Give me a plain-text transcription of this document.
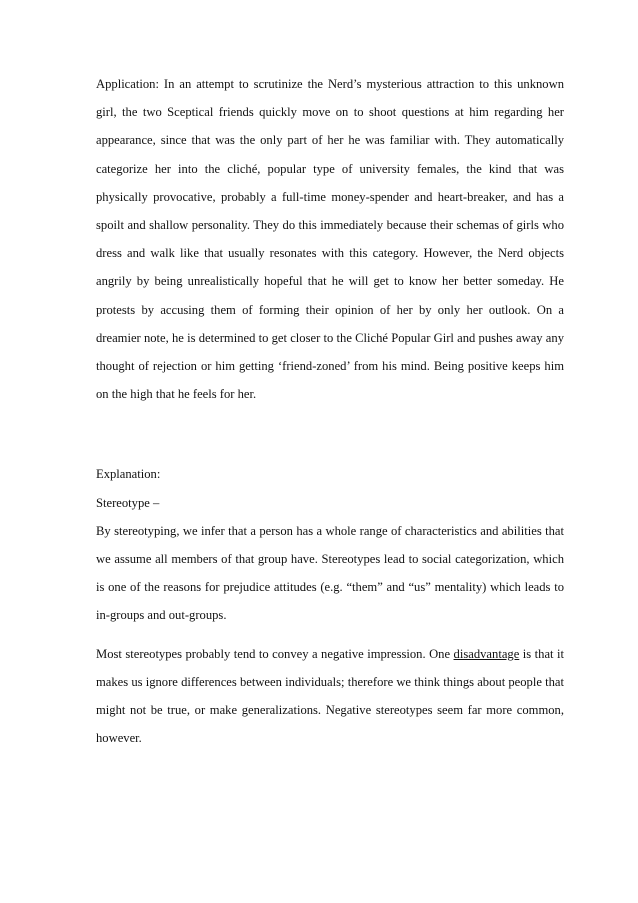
Application: In an attempt to scrutinize the Nerd’s mysterious attraction to this unknown girl, the two Sceptical friends quickly move on to shoot questions at him regarding her appearance, since that was the only part of her he was familiar with. They automatically categorize her into the cliché, popular type of university females, the kind that was physically provocative, probably a full-time money-spender and heart-breaker, and has a spoilt and shallow personality. They do this immediately because their schemas of girls who dress and walk like that usually resonates with this category. However, the Nerd objects angrily by being unrealistically hopeful that he will get to know her better someday. He protests by accusing them of forming their opinion of her by only her outlook. On a dreamier note, he is determined to get closer to the Cliché Popular Girl and pushes away any thought of rejection or him getting ‘friend-zoned’ from his mind. Being positive keeps him on the high that he feels for her.

Explanation:

Stereotype –

By stereotyping, we infer that a person has a whole range of characteristics and abilities that we assume all members of that group have. Stereotypes lead to social categorization, which is one of the reasons for prejudice attitudes (e.g. “them” and “us” mentality) which leads to in-groups and out-groups.

Most stereotypes probably tend to convey a negative impression. One disadvantage is that it makes us ignore differences between individuals; therefore we think things about people that might not be true, or make generalizations. Negative stereotypes seem far more common, however.
